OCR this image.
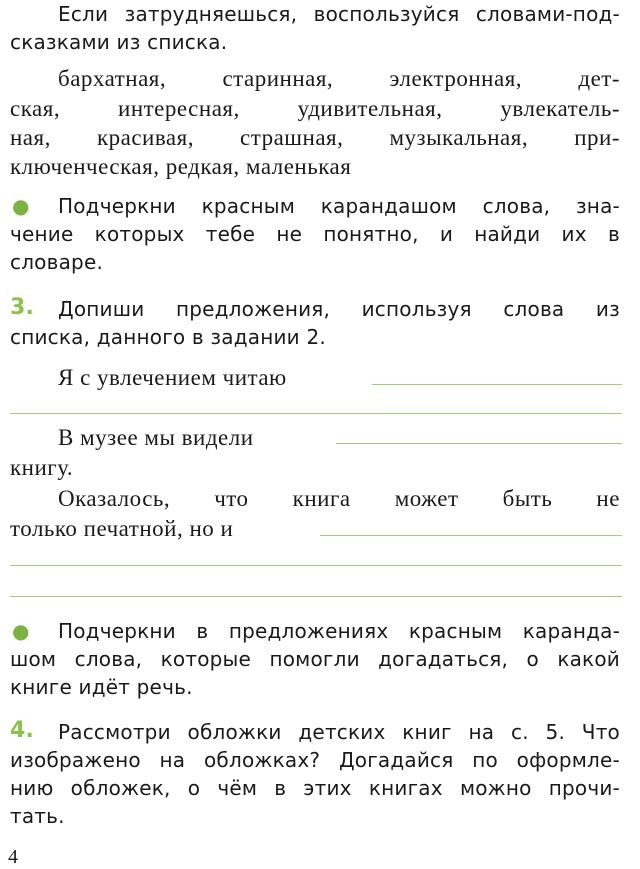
Если затрудняешься, воспользуйся словами-под-
сказками из списка.
бархатная, старинная, электронная, дет-
ская,	интересная,	удивительная,	увлекатель-
ная, красивая, страшная, музыкальная, при-
ключенческая, редкая, маленькая
● Подчеркни красным карандашом слова, зна-
чение которых тебе не понятно, и найди их в
словаре.
3.	Допиши предложения, используя слова из
списка, данного в задании 2.
Я с увлечением читаю
В музее мы видели
книгу.
Оказалось, что книга может быть не
только печатной, но и
● Подчеркни в предложениях красным каранда-
шом слова, которые помогли догадаться, о какой
книге идёт речь.
4.	Рассмотри обложки детских книг на с. 5. Что
изображено на обложках? Догадайся по оформле-
нию обложек, о чём в этих книгах можно прочи-
тать.
4
